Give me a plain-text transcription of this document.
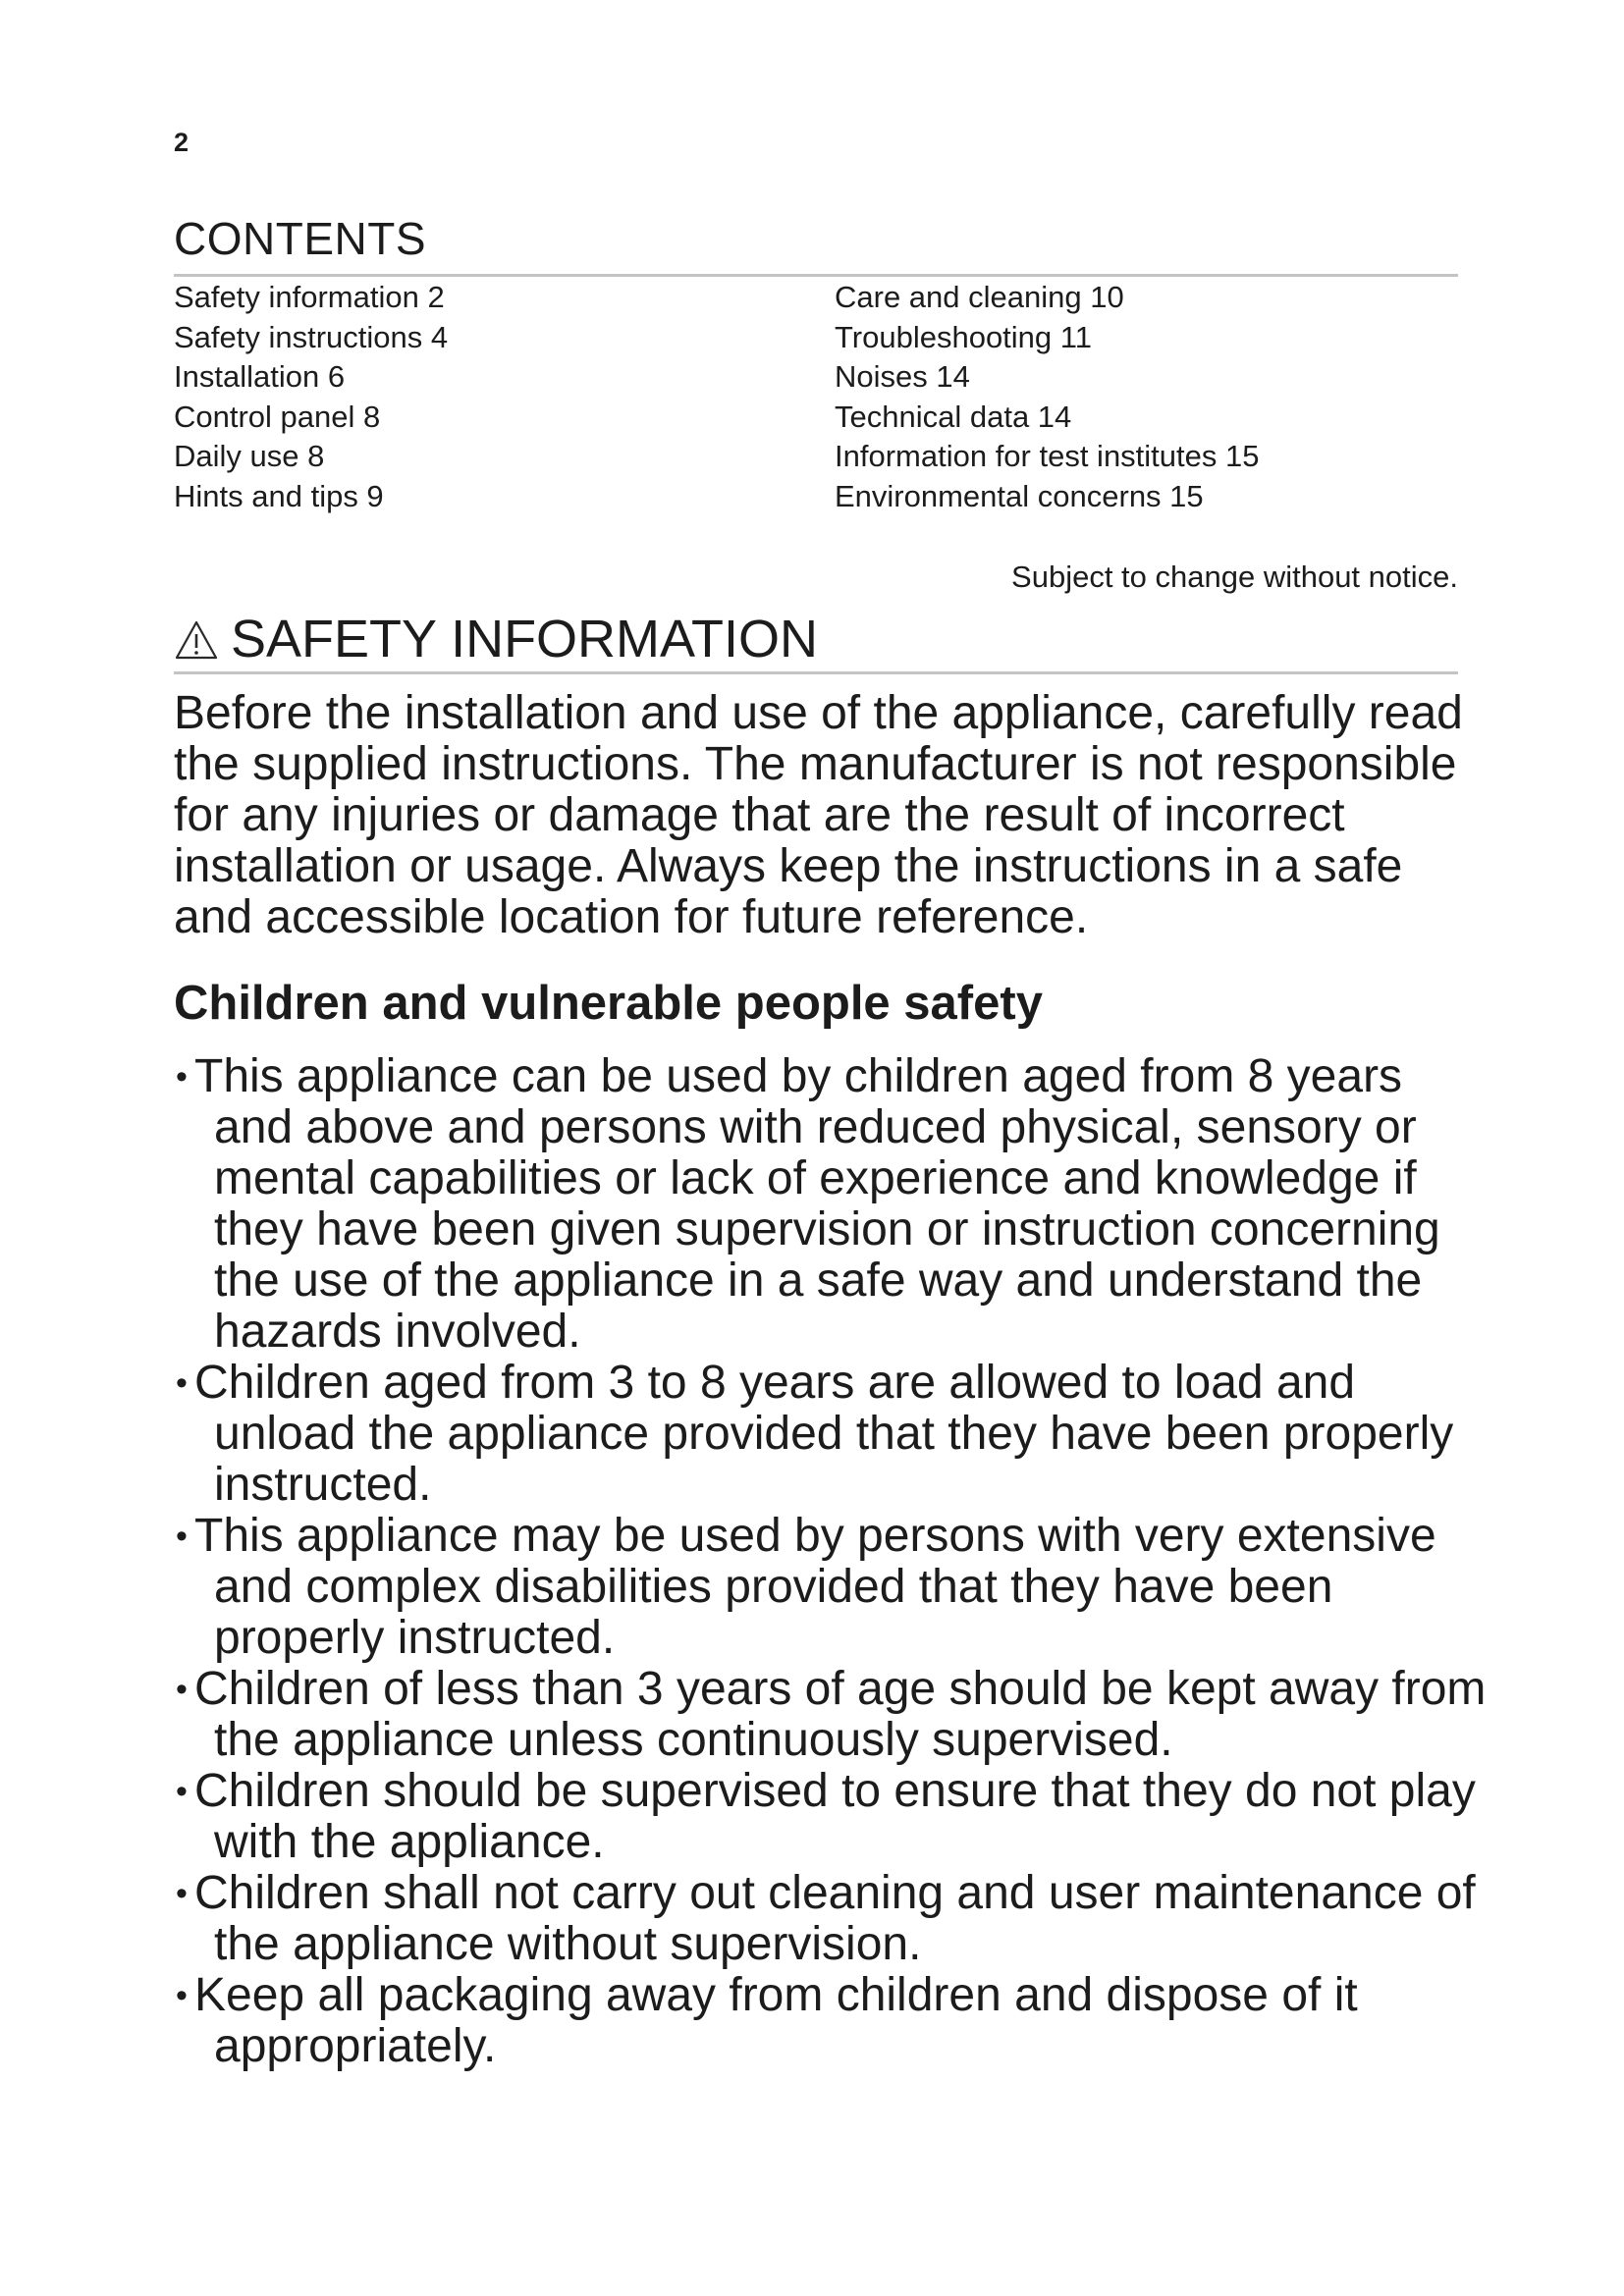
2
CONTENTS
Safety information 2
Safety instructions 4
Installation 6
Control panel 8
Daily use 8
Hints and tips 9
Care and cleaning 10
Troubleshooting 11
Noises 14
Technical data 14
Information for test institutes 15
Environmental concerns 15
Subject to change without notice.
SAFETY INFORMATION

Before the installation and use of the appliance, carefully read the supplied instructions. The manufacturer is not responsible for any injuries or damage that are the result of incorrect installation or usage. Always keep the instructions in a safe and accessible location for future reference.

Children and vulnerable people safety
• This appliance can be used by children aged from 8 years and above and persons with reduced physical, sensory or mental capabilities or lack of experience and knowledge if they have been given supervision or instruction concerning the use of the appliance in a safe way and understand the hazards involved.
• Children aged from 3 to 8 years are allowed to load and unload the appliance provided that they have been properly instructed.
• This appliance may be used by persons with very extensive and complex disabilities provided that they have been properly instructed.
• Children of less than 3 years of age should be kept away from the appliance unless continuously supervised.
• Children should be supervised to ensure that they do not play with the appliance.
• Children shall not carry out cleaning and user maintenance of the appliance without supervision.
• Keep all packaging away from children and dispose of it appropriately.
